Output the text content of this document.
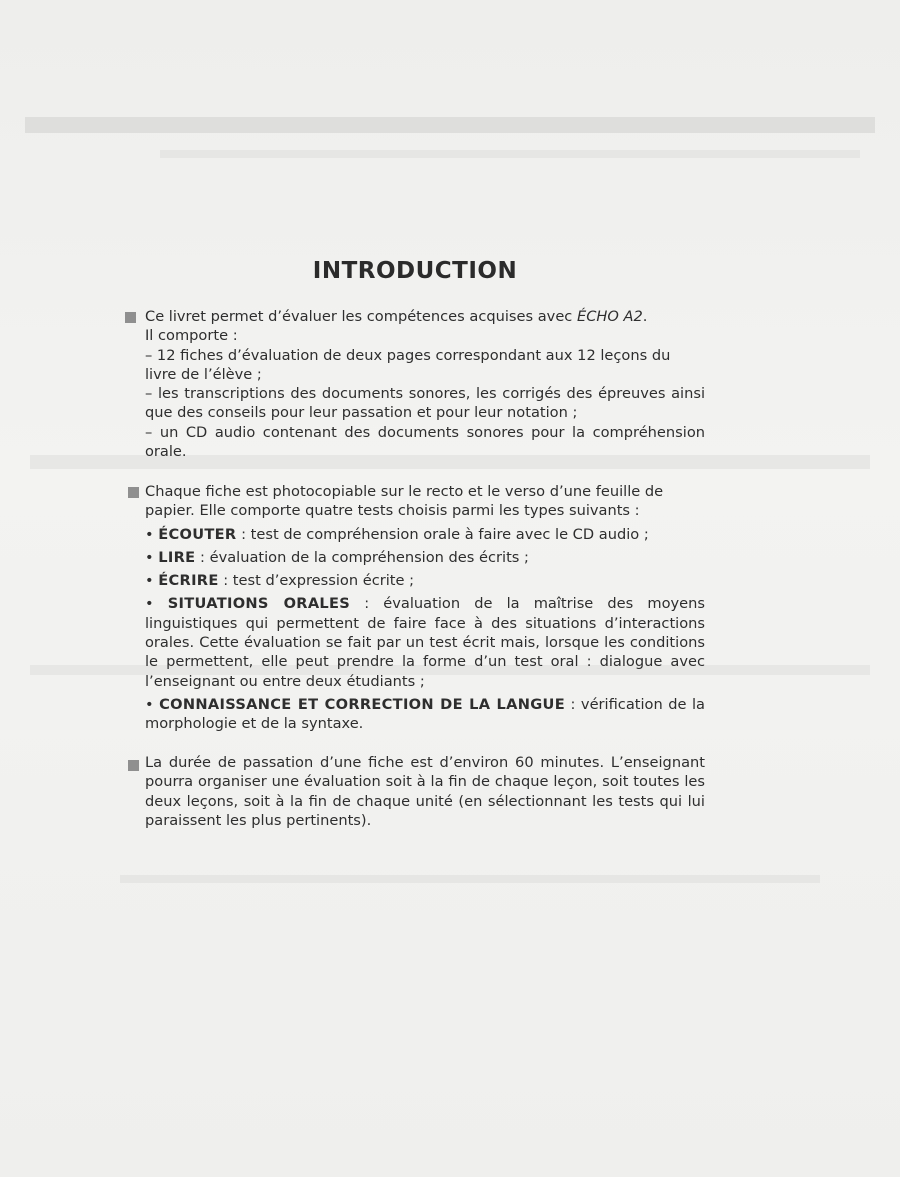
INTRODUCTION

Ce livret permet d’évaluer les compétences acquises avec ÉCHO A2.

Il comporte :

– 12 fiches d’évaluation de deux pages correspondant aux 12 leçons du livre de l’élève ;

– les transcriptions des documents sonores, les corrigés des épreuves ainsi que des conseils pour leur passation et pour leur notation ;

– un CD audio contenant des documents sonores pour la compréhension orale.

Chaque fiche est photocopiable sur le recto et le verso d’une feuille de papier. Elle comporte quatre tests choisis parmi les types suivants :

• ÉCOUTER : test de compréhension orale à faire avec le CD audio ;

• LIRE : évaluation de la compréhension des écrits ;

• ÉCRIRE : test d’expression écrite ;

• SITUATIONS ORALES : évaluation de la maîtrise des moyens linguistiques qui permettent de faire face à des situations d’interactions orales. Cette évaluation se fait par un test écrit mais, lorsque les conditions le permettent, elle peut prendre la forme d’un test oral : dialogue avec l’enseignant ou entre deux étudiants ;

• CONNAISSANCE ET CORRECTION DE LA LANGUE : vérification de la morphologie et de la syntaxe.

La durée de passation d’une fiche est d’environ 60 minutes. L’enseignant pourra organiser une évaluation soit à la fin de chaque leçon, soit toutes les deux leçons, soit à la fin de chaque unité (en sélectionnant les tests qui lui paraissent les plus pertinents).
